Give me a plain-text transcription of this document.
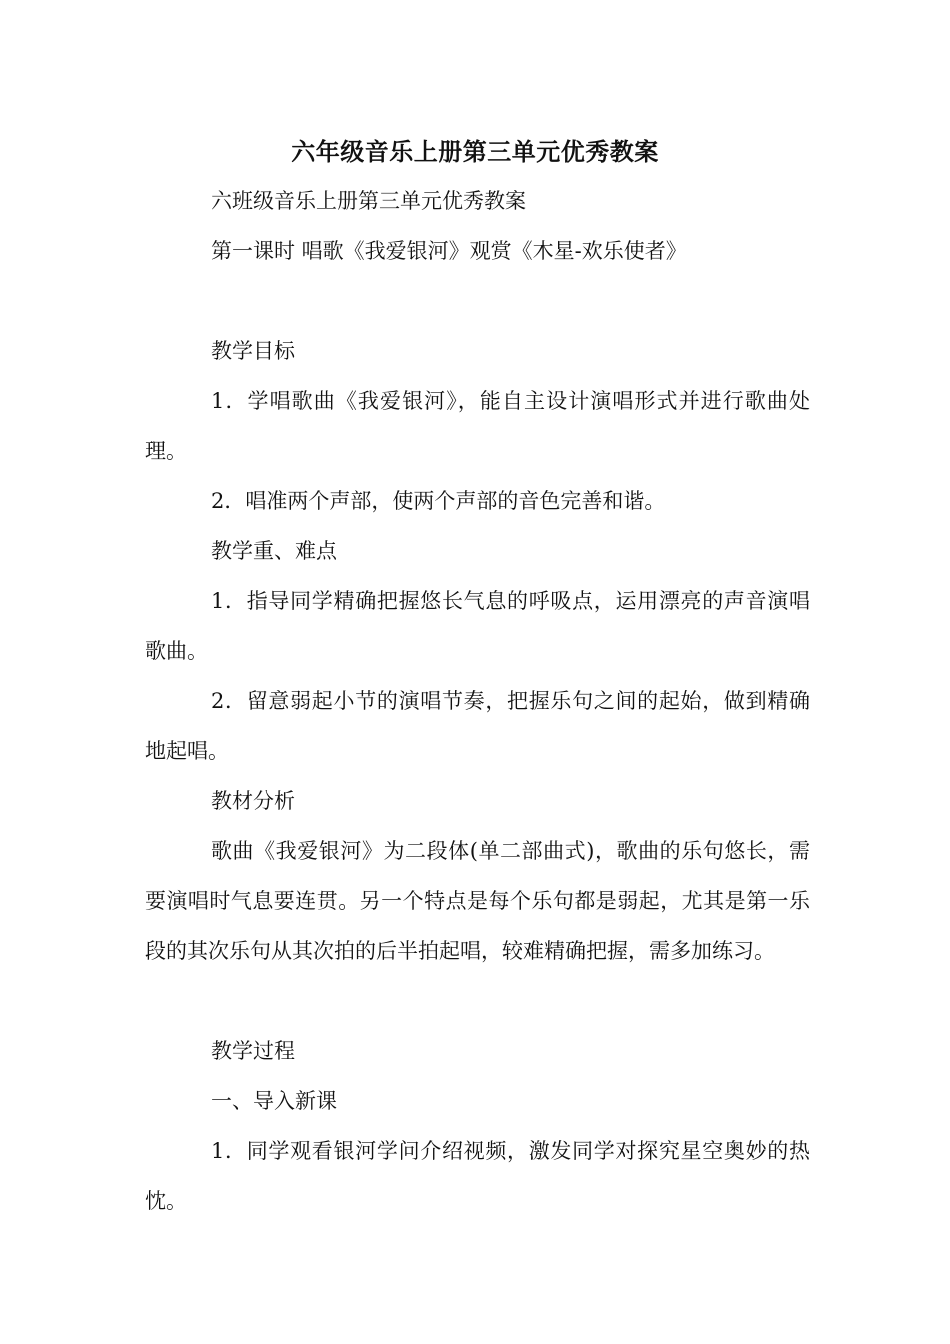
六年级音乐上册第三单元优秀教案

六班级音乐上册第三单元优秀教案

第一课时 唱歌《我爱银河》观赏《木星-欢乐使者》

教学目标

1．学唱歌曲《我爱银河》，能自主设计演唱形式并进行歌曲处理。

2．唱准两个声部，使两个声部的音色完善和谐。

教学重、难点

1．指导同学精确把握悠长气息的呼吸点，运用漂亮的声音演唱歌曲。

2．留意弱起小节的演唱节奏，把握乐句之间的起始，做到精确地起唱。

教材分析

歌曲《我爱银河》为二段体(单二部曲式)，歌曲的乐句悠长，需要演唱时气息要连贯。另一个特点是每个乐句都是弱起，尤其是第一乐段的其次乐句从其次拍的后半拍起唱，较难精确把握，需多加练习。

教学过程

一、导入新课

1．同学观看银河学问介绍视频，激发同学对探究星空奥妙的热忱。
